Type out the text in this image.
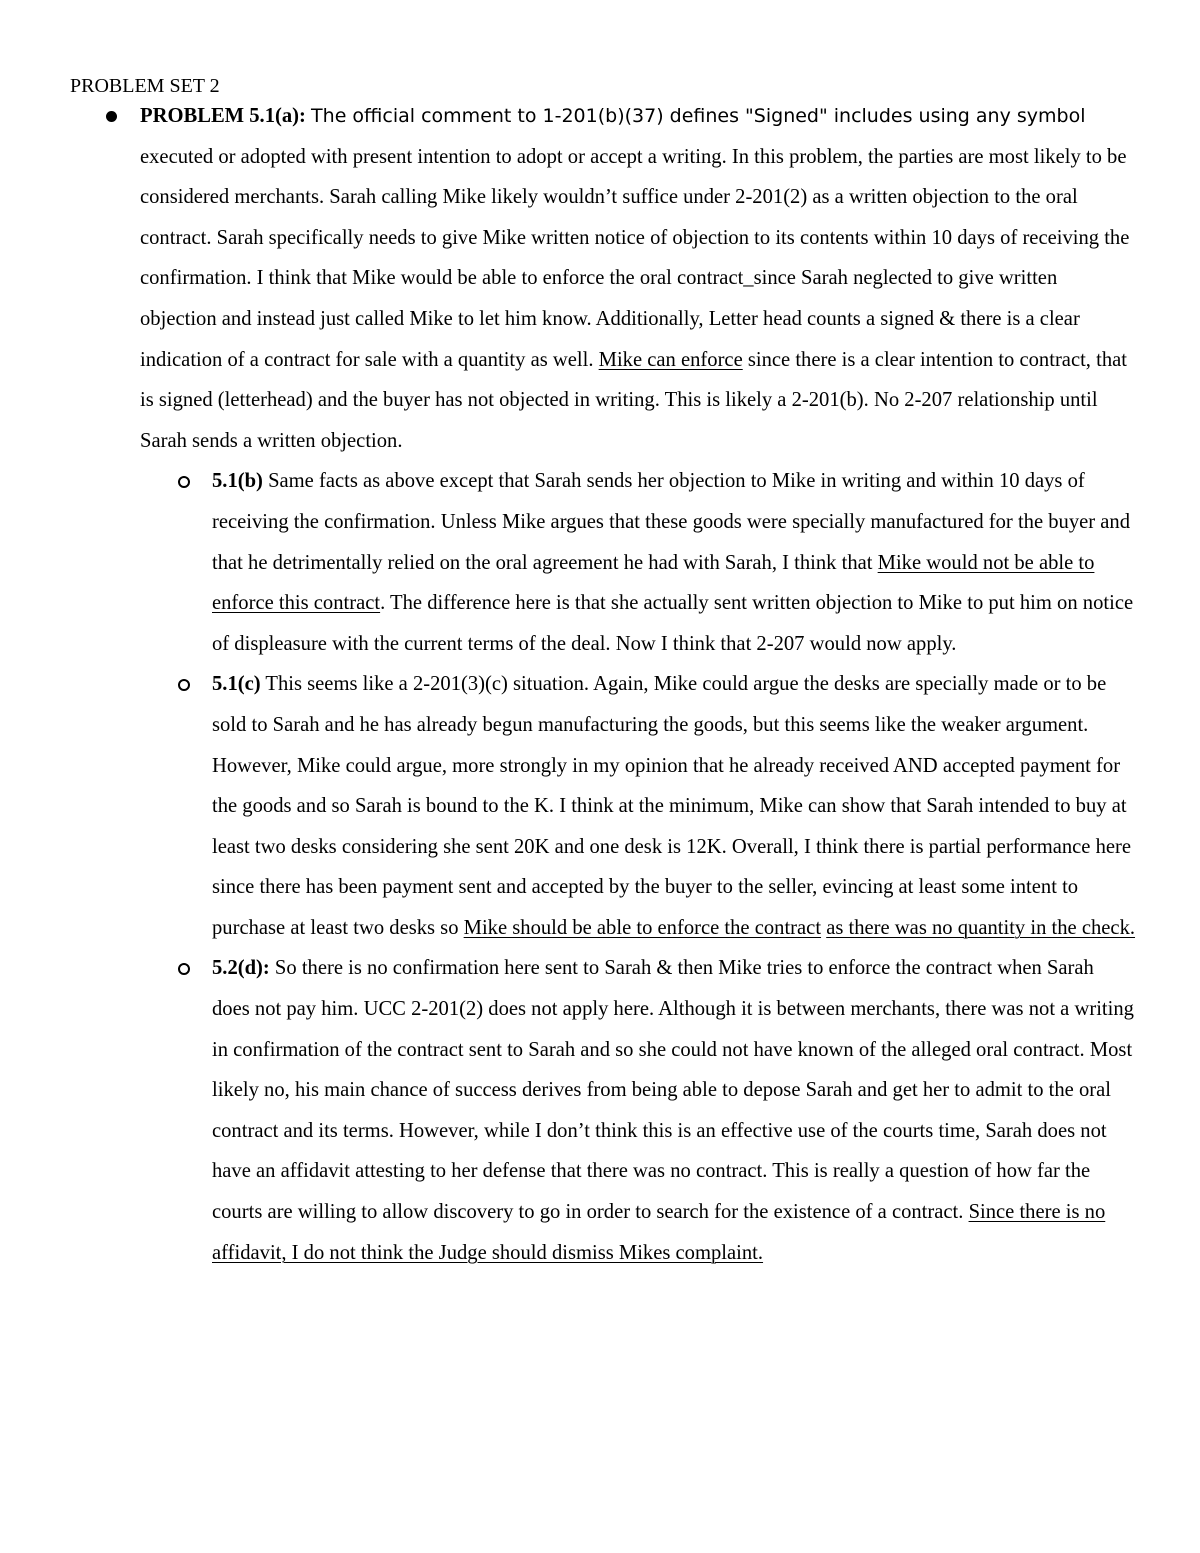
PROBLEM SET 2
PROBLEM 5.1(a): The official comment to 1-201(b)(37) defines "Signed" includes using any symbol executed or adopted with present intention to adopt or accept a writing. In this problem, the parties are most likely to be considered merchants. Sarah calling Mike likely wouldn’t suffice under 2-201(2) as a written objection to the oral contract. Sarah specifically needs to give Mike written notice of objection to its contents within 10 days of receiving the confirmation. I think that Mike would be able to enforce the oral contract_since Sarah neglected to give written objection and instead just called Mike to let him know. Additionally, Letter head counts a signed & there is a clear indication of a contract for sale with a quantity as well. Mike can enforce since there is a clear intention to contract, that is signed (letterhead) and the buyer has not objected in writing. This is likely a 2-201(b). No 2-207 relationship until Sarah sends a written objection.
5.1(b) Same facts as above except that Sarah sends her objection to Mike in writing and within 10 days of receiving the confirmation. Unless Mike argues that these goods were specially manufactured for the buyer and that he detrimentally relied on the oral agreement he had with Sarah, I think that Mike would not be able to enforce this contract. The difference here is that she actually sent written objection to Mike to put him on notice of displeasure with the current terms of the deal. Now I think that 2-207 would now apply.
5.1(c) This seems like a 2-201(3)(c) situation. Again, Mike could argue the desks are specially made or to be sold to Sarah and he has already begun manufacturing the goods, but this seems like the weaker argument. However, Mike could argue, more strongly in my opinion that he already received AND accepted payment for the goods and so Sarah is bound to the K. I think at the minimum, Mike can show that Sarah intended to buy at least two desks considering she sent 20K and one desk is 12K. Overall, I think there is partial performance here since there has been payment sent and accepted by the buyer to the seller, evincing at least some intent to purchase at least two desks so Mike should be able to enforce the contract as there was no quantity in the check.
5.2(d): So there is no confirmation here sent to Sarah & then Mike tries to enforce the contract when Sarah does not pay him. UCC 2-201(2) does not apply here. Although it is between merchants, there was not a writing in confirmation of the contract sent to Sarah and so she could not have known of the alleged oral contract. Most likely no, his main chance of success derives from being able to depose Sarah and get her to admit to the oral contract and its terms. However, while I don’t think this is an effective use of the courts time, Sarah does not have an affidavit attesting to her defense that there was no contract. This is really a question of how far the courts are willing to allow discovery to go in order to search for the existence of a contract. Since there is no affidavit, I do not think the Judge should dismiss Mikes complaint.
